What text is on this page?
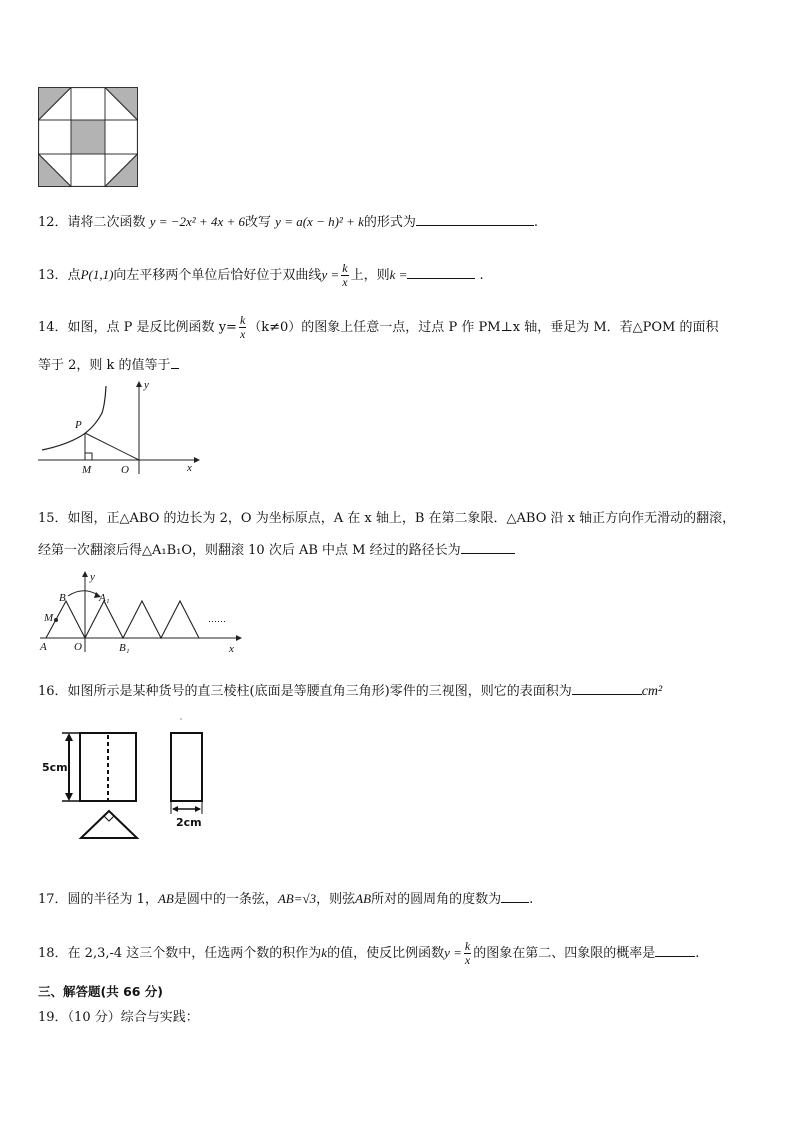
12．请将二次函数 y = −2x² + 4x + 6改写 y = a(x − h)² + k的形式为	.
13．点P(1,1)向左平移两个单位后恰好位于双曲线$y = \frac{k}{x}$ 上，则k =	.
14．如图，点 P 是反比例函数 $y= \frac{k}{x} (k\ne 0)$的图象上任意一点，过点 P 作 PM⊥x 轴，垂足为 M．若△POM 的面积
等于 2，则 k 的值等于
y
P
M	O	x
15．如图，正△ABO 的边长为 2，O 为坐标原点，A 在 x 轴上，B 在第二象限．△ABO 沿 x 轴正方向作无滑动的翻滚，
经第一次翻滚后得△A₁B₁O，则翻滚 10 次后 AB 中点 M 经过的路径长为
y
B	A₁
M
A O	B₁	x
……
16．如图所示是某种货号的直三棱柱(底面是等腰直角三角形)零件的三视图，则它的表面积为	cm²
5cm
2cm
17．圆的半径为 1，AB是圆中的一条弦，AB=√3，则弦AB所对的圆周角的度数为 .
18．在 2,3,-4 这三个数中，任选两个数的积作为k的值，使反比例函数$y = \frac{k}{x}$ 的图象在第二、四象限的概率是	.
三、解答题(共 66 分)
19．（10 分）综合与实践：
